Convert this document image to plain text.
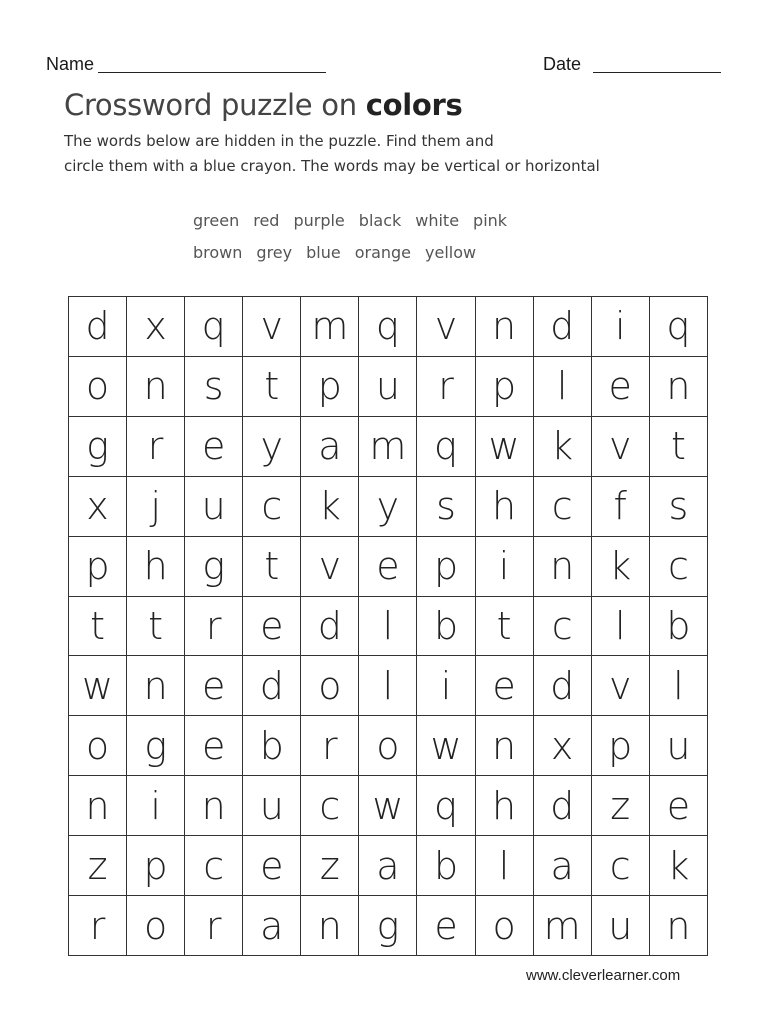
Name	Date
Crossword puzzle on colors
The words below are hidden in the puzzle. Find them and
circle them with a blue crayon. The words may be vertical or horizontal
green red purple black white pink
brown grey blue orange yellow
d	x	q	v	m	q	v	n	d	i	q
o	n	s	t	p	u	r	p	l	e	n
g	r	e	y	a	m	q	w	k	v	t
x	j	u	c	k	y	s	h	c	f	s
p	h	g	t	v	e	p	i	n	k	c
t	t	r	e	d	l	b	t	c	l	b
w	n	e	d	o	l	i	e	d	v	l
o	g	e	b	r	o	w	n	x	p	u
n	i	n	u	c	w	q	h	d	z	e
z	p	c	e	z	a	b	l	a	c	k
r	o	r	a	n	g	e	o	m	u	n
www.cleverlearner.com
